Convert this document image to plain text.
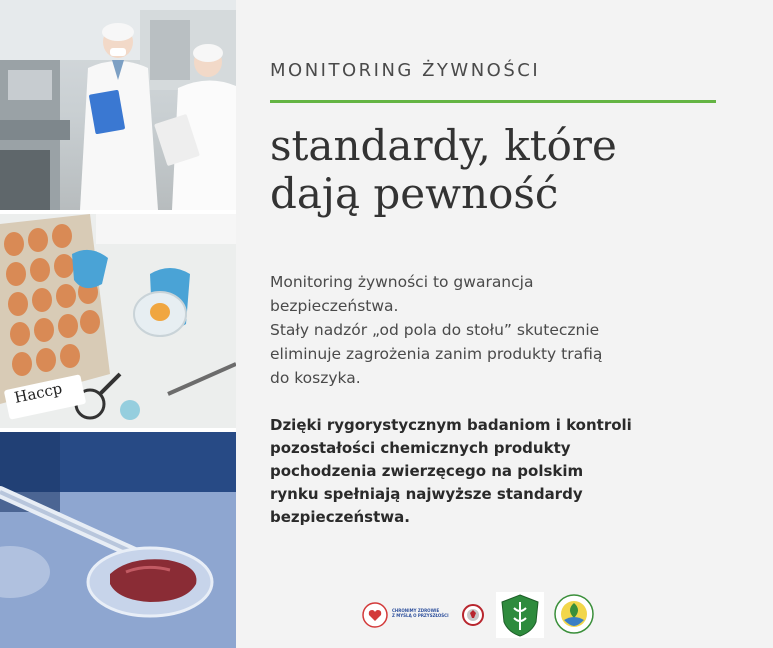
Haccp
MONITORING ŻYWNOŚCI
standardy, które
dają pewność

Monitoring żywności to gwarancja
bezpieczeństwa.
Stały nadzór „od pola do stołu” skutecznie
eliminuje zagrożenia zanim produkty trafią
do koszyka.

Dzięki rygorystycznym badaniom i kontroli
pozostałości chemicznych produkty
pochodzenia zwierzęcego na polskim
rynku spełniają najwyższe standardy
bezpieczeństwa.

CHRONIMY ZDROWIE
Z MYŚLĄ O PRZYSZŁOŚCI
